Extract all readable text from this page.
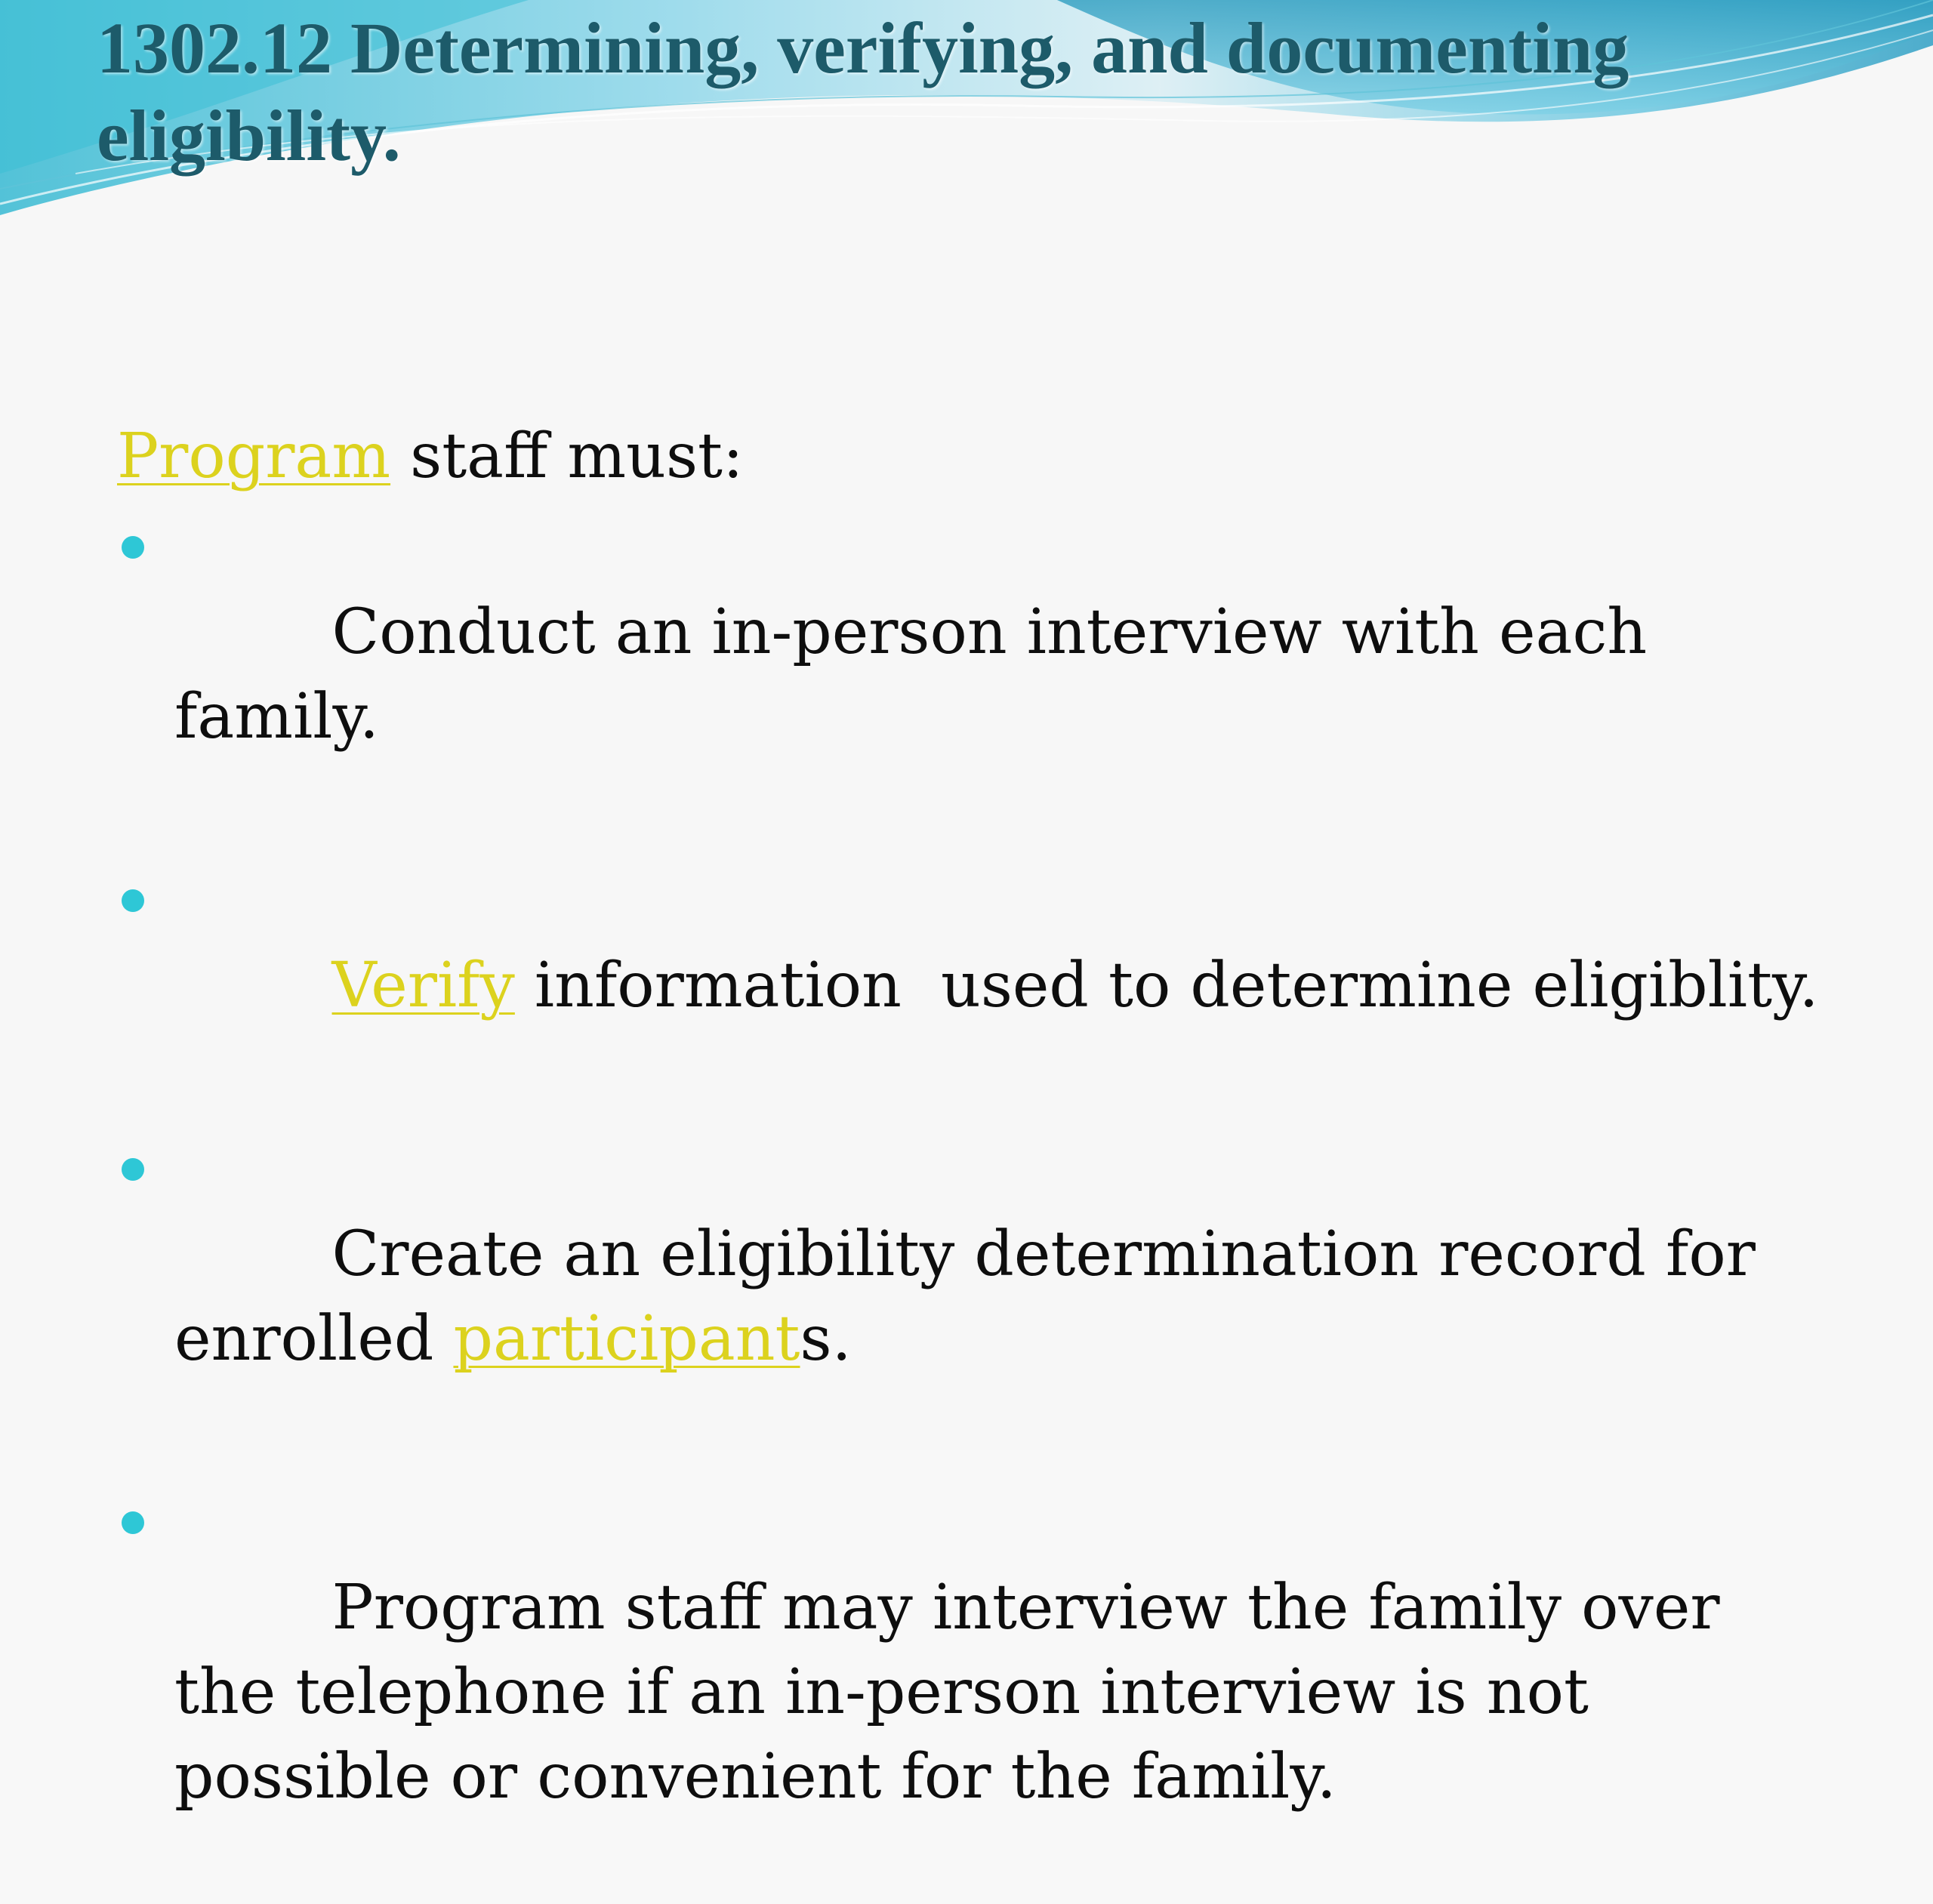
1302.12 Determining, verifying, and documenting eligibility.

Program staff must:

Conduct an in-person interview with each family.

Verify information  used to determine eligiblity.

Create an eligibility determination record for enrolled participants.

Program staff may interview the family over the telephone if an in-person interview is not possible or convenient for the family.
